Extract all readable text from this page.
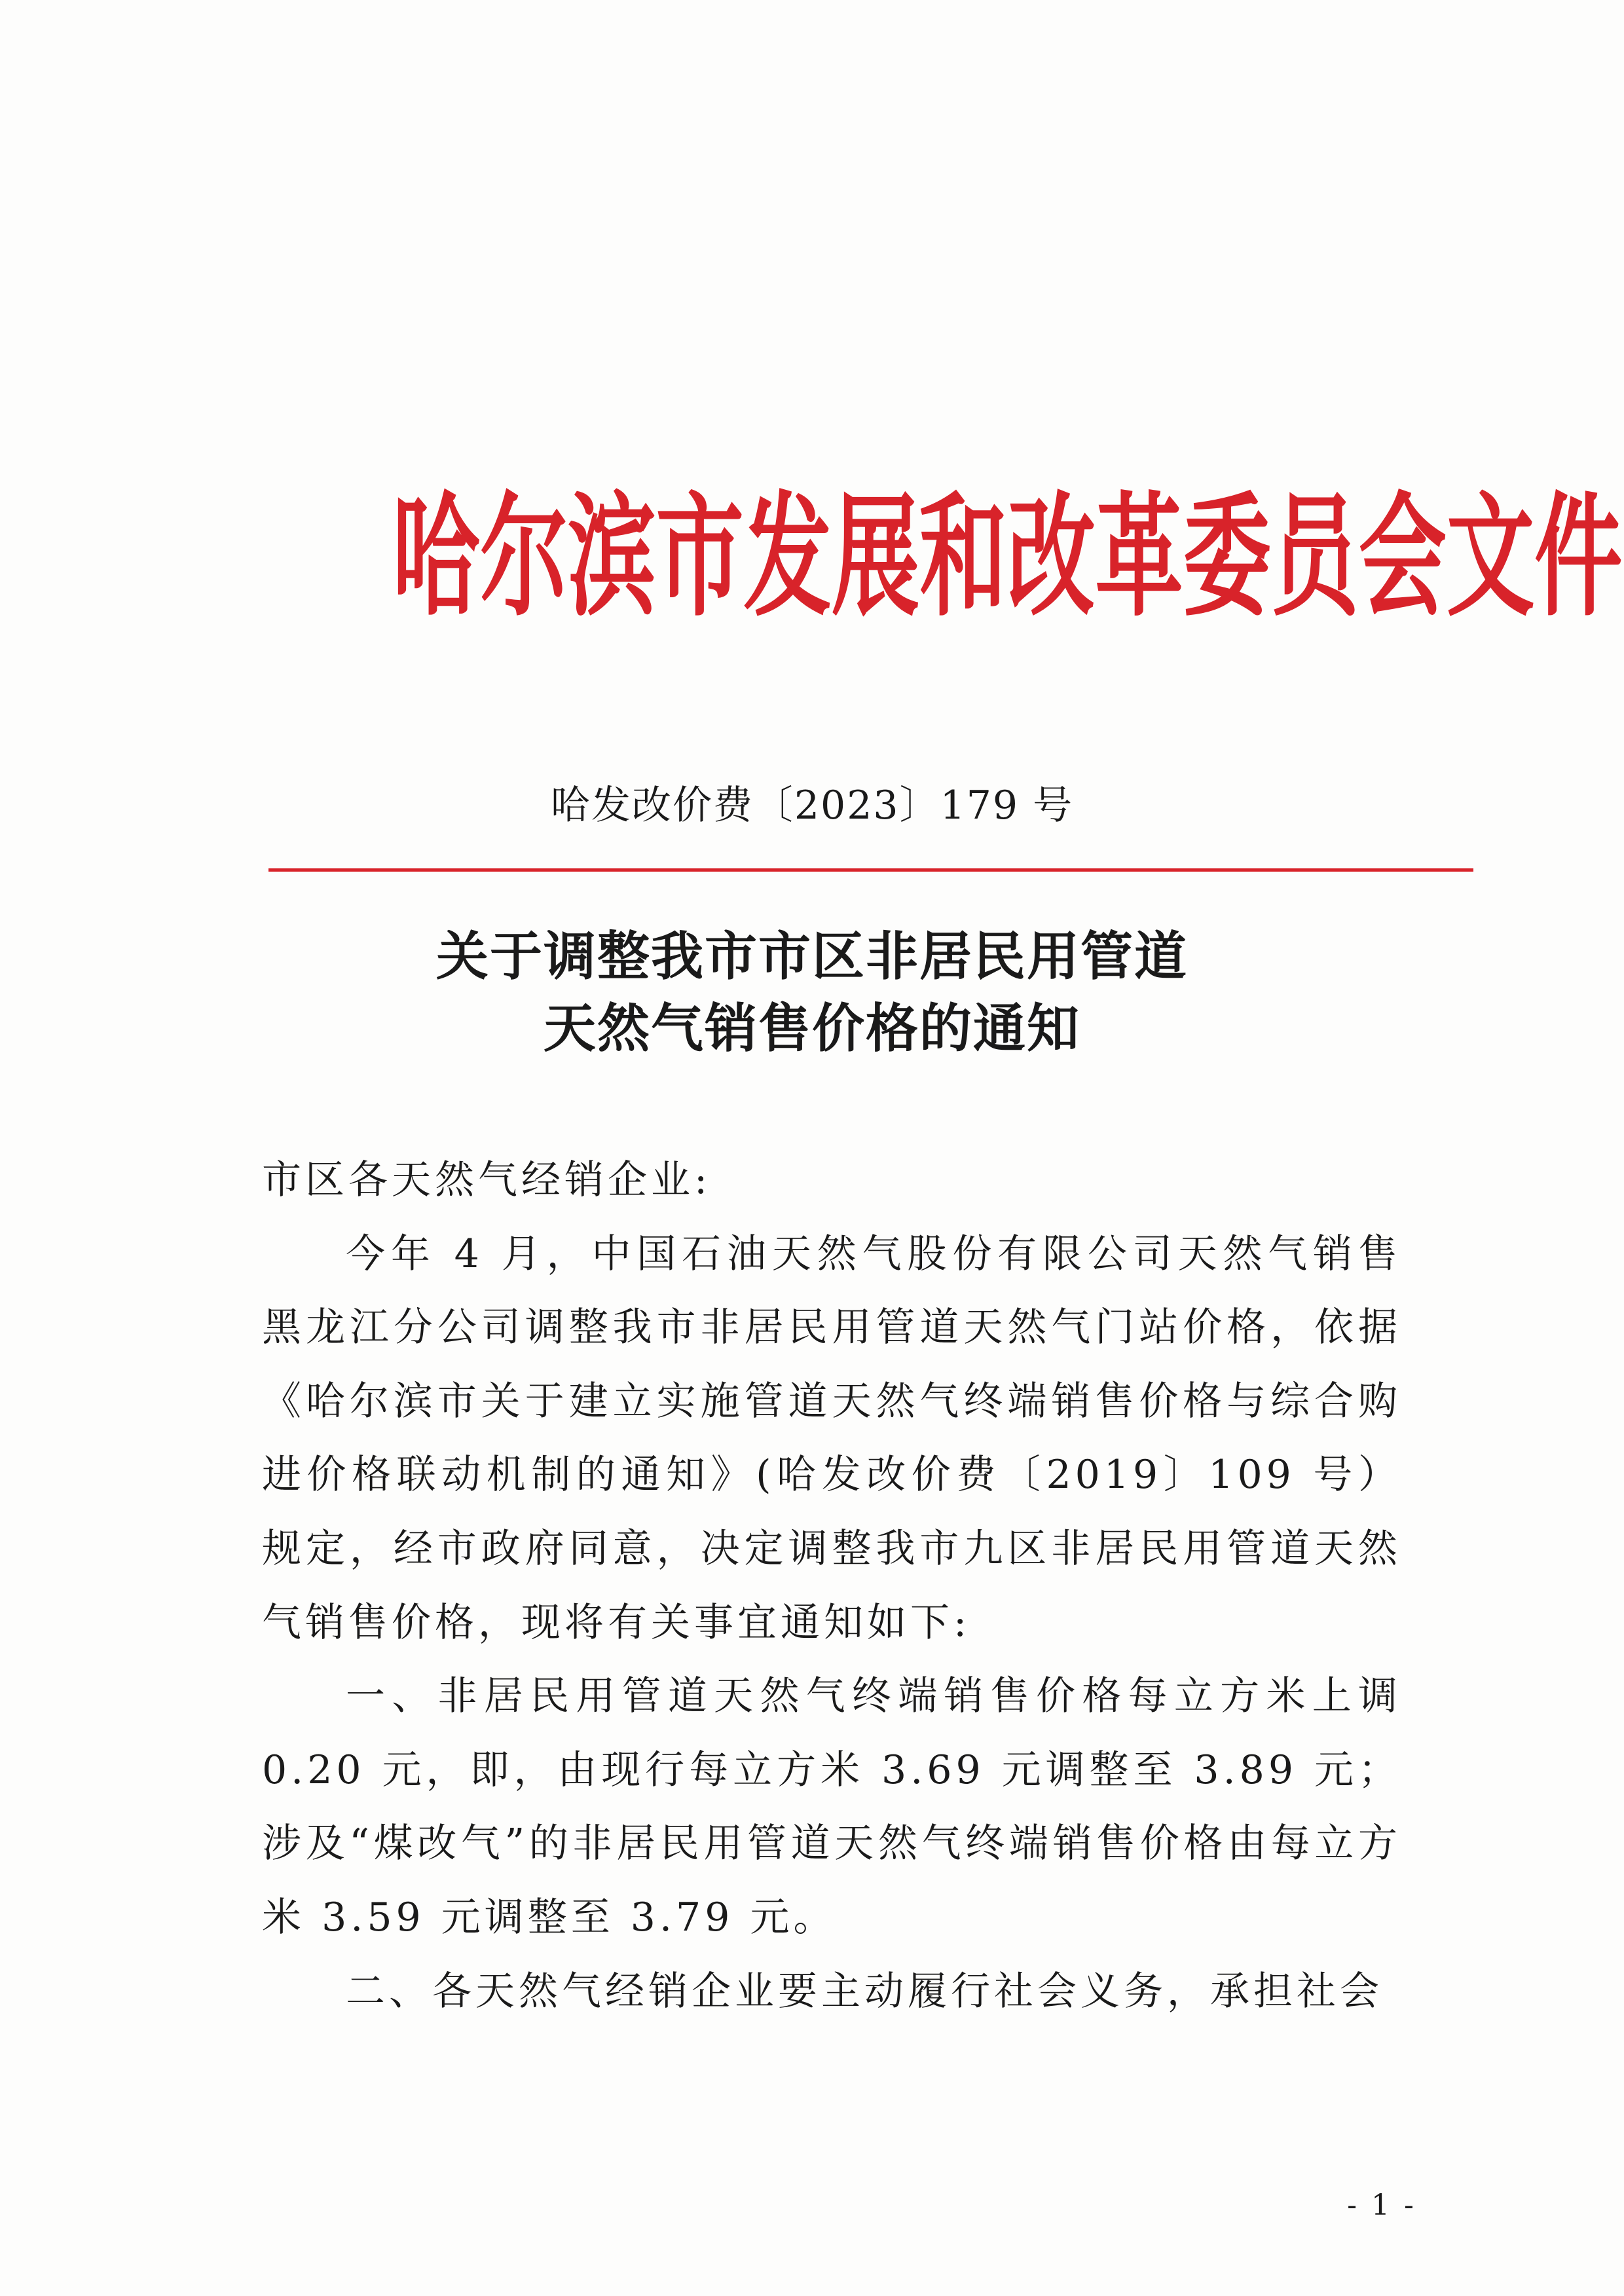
哈尔滨市发展和改革委员会文件
哈发改价费〔2023〕179 号
关于调整我市市区非居民用管道
天然气销售价格的通知

市区各天然气经销企业:

今年 4 月，中国石油天然气股份有限公司天然气销售黑龙江分公司调整我市非居民用管道天然气门站价格，依据《哈尔滨市关于建立实施管道天然气终端销售价格与综合购进价格联动机制的通知》(哈发改价费〔2019〕109 号）规定，经市政府同意，决定调整我市九区非居民用管道天然气销售价格，现将有关事宜通知如下:

一、非居民用管道天然气终端销售价格每立方米上调 0.20 元，即，由现行每立方米 3.69 元调整至 3.89 元；涉及“煤改气”的非居民用管道天然气终端销售价格由每立方米 3.59 元调整至 3.79 元。

二、各天然气经销企业要主动履行社会义务，承担社会

- 1 -
